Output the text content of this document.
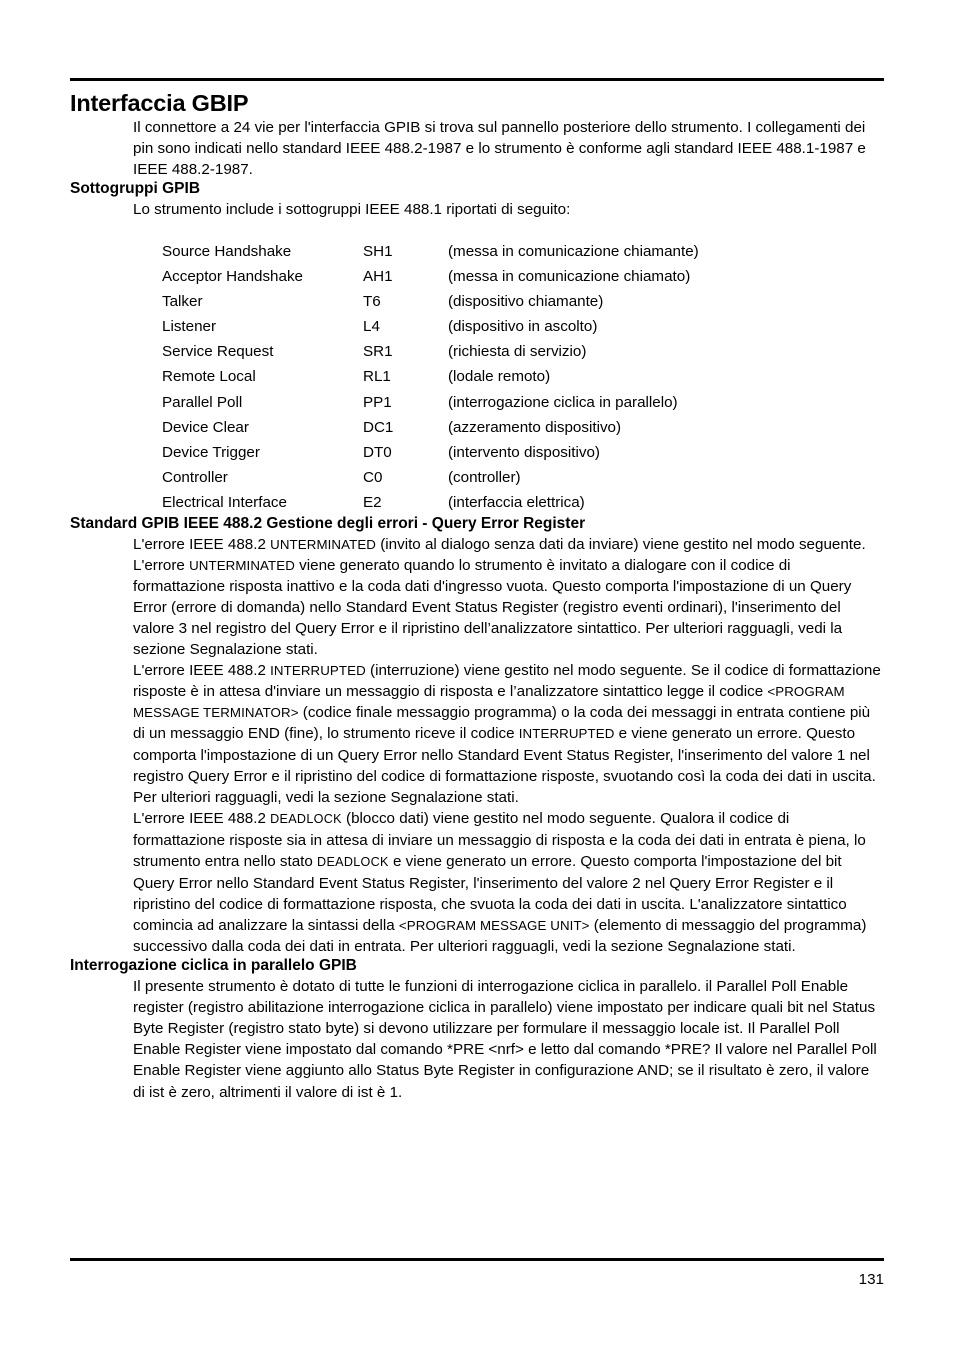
Interfaccia GBIP

Il connettore a 24 vie per l'interfaccia GPIB si trova sul pannello posteriore dello strumento. I collegamenti dei pin sono indicati nello standard IEEE 488.2-1987 e lo strumento è conforme agli standard IEEE 488.1-1987 e IEEE 488.2-1987.

Sottogruppi GPIB

Lo strumento include i sottogruppi IEEE 488.1 riportati di seguito:

Source Handshake	SH1	(messa in comunicazione chiamante)
Acceptor Handshake	AH1	(messa in comunicazione chiamato)
Talker	T6	(dispositivo chiamante)
Listener	L4	(dispositivo in ascolto)
Service Request	SR1	(richiesta di servizio)
Remote Local	RL1	(lodale remoto)
Parallel Poll	PP1	(interrogazione ciclica in parallelo)
Device Clear	DC1	(azzeramento dispositivo)
Device Trigger	DT0	(intervento dispositivo)
Controller	C0	(controller)
Electrical Interface	E2	(interfaccia elettrica)
Standard GPIB IEEE 488.2 Gestione degli errori - Query Error Register

L'errore IEEE 488.2 UNTERMINATED (invito al dialogo senza dati da inviare) viene gestito nel modo seguente. L'errore UNTERMINATED viene generato quando lo strumento è invitato a dialogare con il codice di formattazione risposta inattivo e la coda dati d'ingresso vuota. Questo comporta l'impostazione di un Query Error (errore di domanda) nello Standard Event Status Register (registro eventi ordinari), l'inserimento del valore 3 nel registro del Query Error e il ripristino dell’analizzatore sintattico. Per ulteriori ragguagli, vedi la sezione Segnalazione stati.

L'errore IEEE 488.2 INTERRUPTED (interruzione) viene gestito nel modo seguente. Se il codice di formattazione risposte è in attesa d'inviare un messaggio di risposta e l’analizzatore sintattico legge il codice <PROGRAM MESSAGE TERMINATOR> (codice finale messaggio programma) o la coda dei messaggi in entrata contiene più di un messaggio END (fine), lo strumento riceve il codice INTERRUPTED e viene generato un errore. Questo comporta l'impostazione di un Query Error nello Standard Event Status Register, l'inserimento del valore 1 nel registro Query Error e il ripristino del codice di formattazione risposte, svuotando così la coda dei dati in uscita. Per ulteriori ragguagli, vedi la sezione Segnalazione stati.

L'errore IEEE 488.2 DEADLOCK (blocco dati) viene gestito nel modo seguente. Qualora il codice di formattazione risposte sia in attesa di inviare un messaggio di risposta e la coda dei dati in entrata è piena, lo strumento entra nello stato DEADLOCK e viene generato un errore. Questo comporta l'impostazione del bit Query Error nello Standard Event Status Register, l'inserimento del valore 2 nel Query Error Register e il ripristino del codice di formattazione risposta, che svuota la coda dei dati in uscita. L'analizzatore sintattico comincia ad analizzare la sintassi della <PROGRAM MESSAGE UNIT> (elemento di messaggio del programma) successivo dalla coda dei dati in entrata. Per ulteriori ragguagli, vedi la sezione Segnalazione stati.

Interrogazione ciclica in parallelo GPIB

Il presente strumento è dotato di tutte le funzioni di interrogazione ciclica in parallelo. il Parallel Poll Enable register (registro abilitazione interrogazione ciclica in parallelo) viene impostato per indicare quali bit nel Status Byte Register (registro stato byte) si devono utilizzare per formulare il messaggio locale ist. Il Parallel Poll Enable Register viene impostato dal comando *PRE <nrf> e letto dal comando *PRE? Il valore nel Parallel Poll Enable Register viene aggiunto allo Status Byte Register in configurazione AND; se il risultato è zero, il valore di ist è zero, altrimenti il valore di ist è 1.

131
